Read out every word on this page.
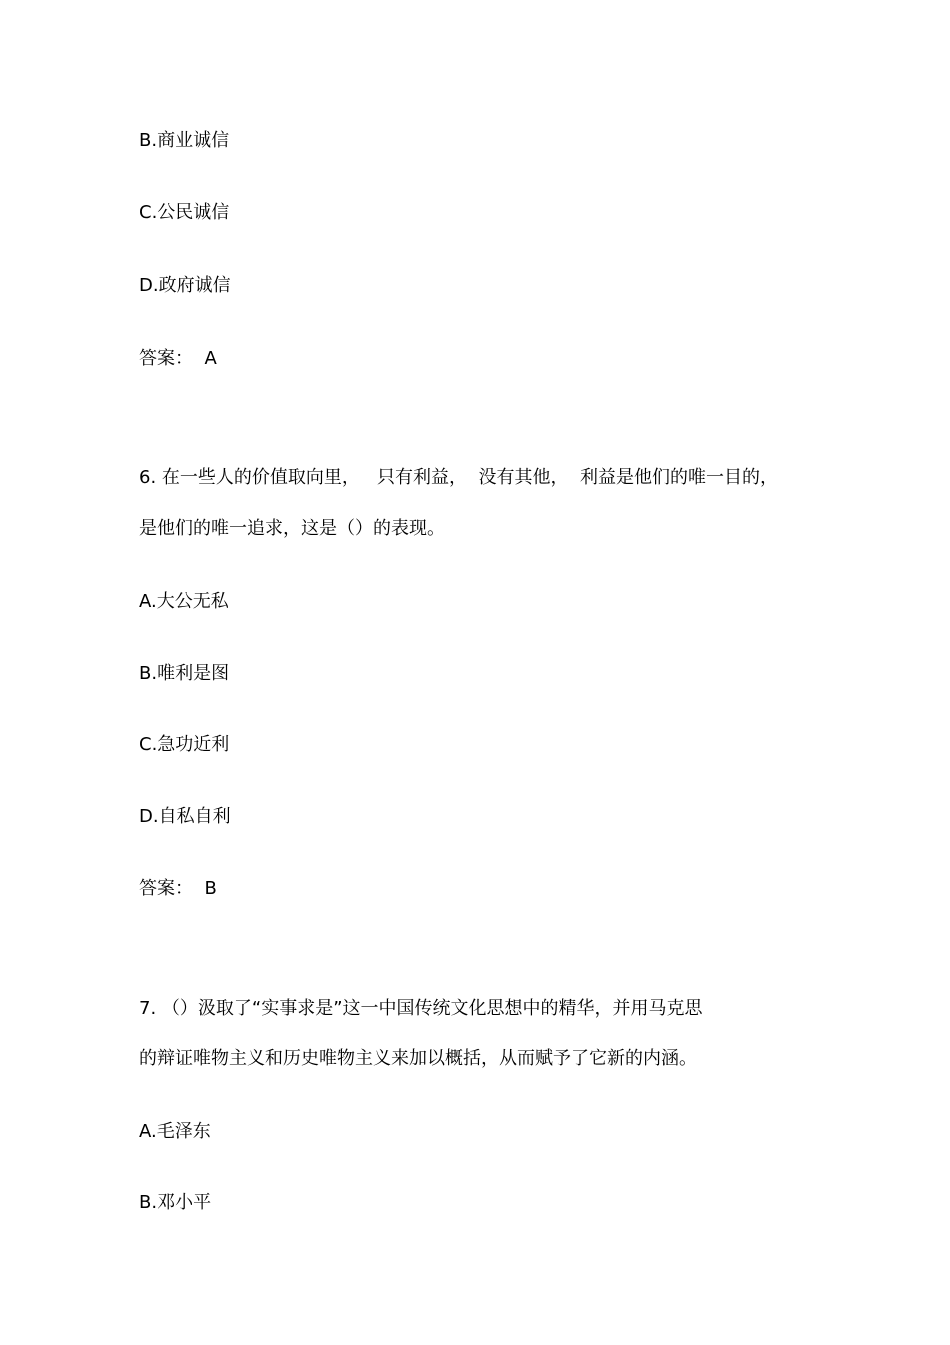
B.商业诚信
C.公民诚信
D.政府诚信
答案：  A
6. 在一些人的价值取向里，   只有利益，  没有其他，  利益是他们的唯一目的，
是他们的唯一追求，这是（）的表现。
A.大公无私
B.唯利是图
C.急功近利
D.自私自利
答案：  B
7. （）汲取了“实事求是”这一中国传统文化思想中的精华，并用马克思
的辩证唯物主义和历史唯物主义来加以概括，从而赋予了它新的内涵。
A.毛泽东
B.邓小平
